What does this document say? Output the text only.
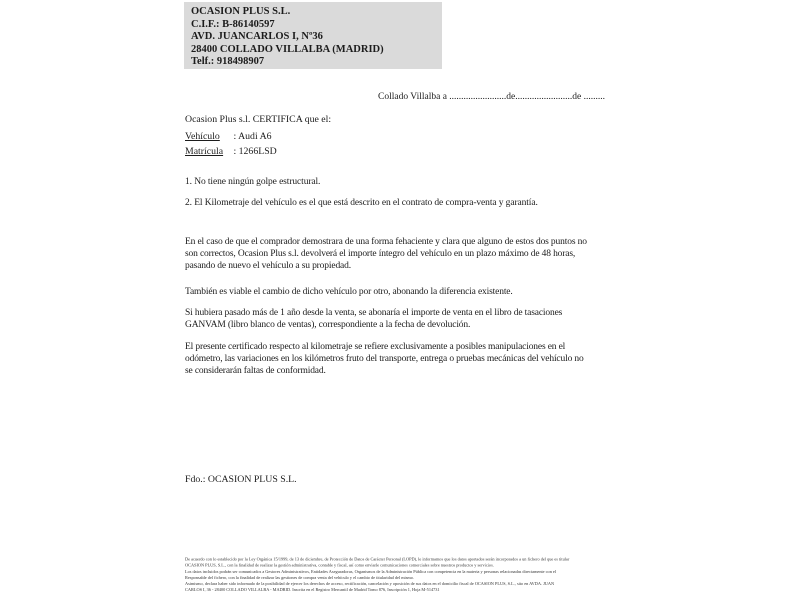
OCASION PLUS S.L.
C.I.F.: B-86140597
AVD. JUANCARLOS I, Nº36
28400 COLLADO VILLALBA (MADRID)
Telf.: 918498907
Collado Villalba a ........................de........................de .........
Ocasion Plus s.l. CERTIFICA que el:
Vehículo : Audi A6
Matrícula : 1266LSD
1. No tiene ningún golpe estructural.
2. El Kilometraje del vehículo es el que está descrito en el contrato de compra-venta y garantía.
En el caso de que el comprador demostrara de una forma fehaciente y clara que alguno de estos dos puntos no
son correctos, Ocasion Plus s.l. devolverá el importe íntegro del vehículo en un plazo máximo de 48 horas,
pasando de nuevo el vehículo a su propiedad.
También es viable el cambio de dicho vehículo por otro, abonando la diferencia existente.
Si hubiera pasado más de 1 año desde la venta, se abonaría el importe de venta en el libro de tasaciones
GANVAM (libro blanco de ventas), correspondiente a la fecha de devolución.
El presente certificado respecto al kilometraje se refiere exclusivamente a posibles manipulaciones en el
odómetro, las variaciones en los kilómetros fruto del transporte, entrega o pruebas mecánicas del vehículo no
se considerarán faltas de conformidad.
Fdo.: OCASION PLUS S.L.
De acuerdo con lo establecido por la Ley Orgánica 15/1999, de 13 de diciembre, de Protección de Datos de Carácter Personal (LOPD), le informamos que los datos aportados serán incorporados a un fichero del que es titular
OCASION PLUS, S.L., con la finalidad de realizar la gestión administrativa, contable y fiscal, así como enviarle comunicaciones comerciales sobre nuestros productos y servicios.
Los datos incluidos podrán ser comunicados a Gestores Administrativos, Entidades Aseguradoras, Organismos de la Administración Pública con competencia en la materia y personas relacionadas directamente con el
Responsable del fichero, con la finalidad de realizar las gestiones de compra venta del vehículo y el cambio de titularidad del mismo.
Asimismo, declara haber sido informado de la posibilidad de ejercer los derechos de acceso, rectificación, cancelación y oposición de sus datos en el domicilio fiscal de OCASION PLUS, S.L., sito en AVDA. JUAN
CARLOS I, 36 - 28400 COLLADO VILLALBA - MADRID. Inscrita en el Registro Mercantil de Madrid Tomo 876, Inscripción 1, Hoja M-514731
